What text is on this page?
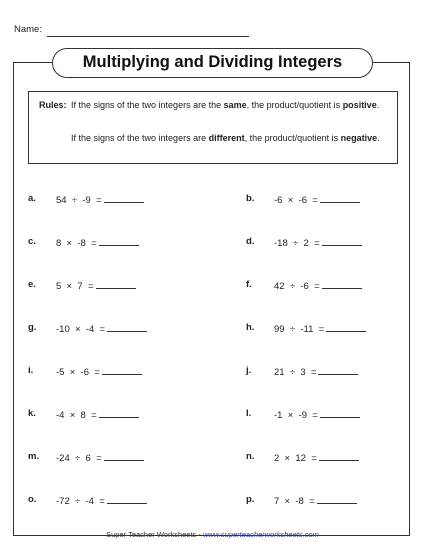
Name:
Multiplying and Dividing Integers
Rules: If the signs of the two integers are the same, the product/quotient is positive.
If the signs of the two integers are different, the product/quotient is negative.
a. 54  ÷  -9  =	b. -6  ×  -6  =
c. 8  ×  -8  =	d. -18  ÷  2  =
e. 5  ×  7  =	f. 42  ÷  -6  =
g. -10  ×  -4  =	h. 99  ÷  -11  =
i. -5  ×  -6  =	j. 21  ÷  3  =
k. -4  ×  8  =	l. -1  ×  -9  =
m. -24  ÷  6  =	n. 2  ×  12  =
o. -72  ÷  -4  =	p. 7  ×  -8  =
Super Teacher Worksheets - www.superteacherworksheets.com
